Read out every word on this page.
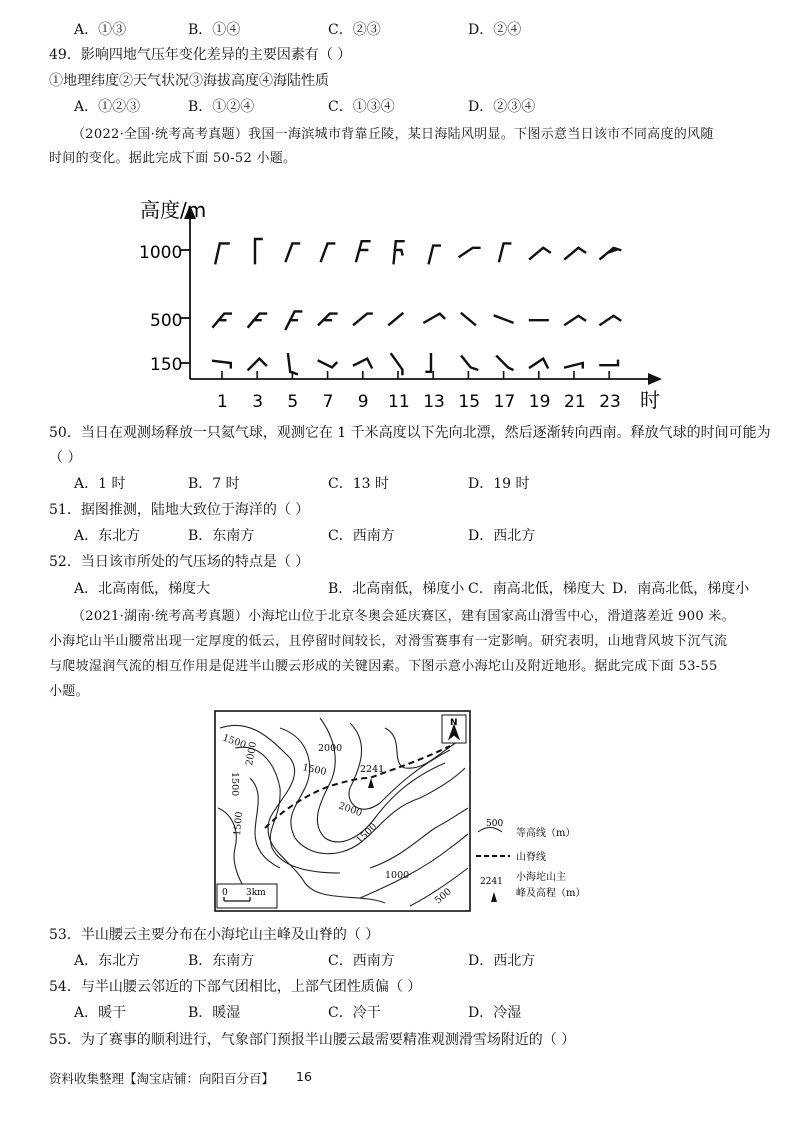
A．①③	B．①④	C．②③	D．②④
49．影响四地气压年变化差异的主要因素有（ ）
①地理纬度②天气状况③海拔高度④海陆性质
A．①②③	B．①②④	C．①③④	D．②③④
（2022·全国·统考高考真题）我国一海滨城市背靠丘陵，某日海陆风明显。下图示意当日该市不同高度的风随
时间的变化。据此完成下面 50-52 小题。
高度/m
时
1000
500
150
1 3 5 7 9 11 13 15 17 19 21 23
50．当日在观测场释放一只氦气球，观测它在 1 千米高度以下先向北漂，然后逐渐转向西南。释放气球的时间可能为
（ ）
A．1 时	B．7 时	C．13 时	D．19 时
51．据图推测，陆地大致位于海洋的（ ）
A．东北方	B．东南方	C．西南方	D．西北方
52．当日该市所处的气压场的特点是（ ）
A．北高南低，梯度大	B．北高南低，梯度小 C．南高北低，梯度大 D．南高北低，梯度小
（2021·湖南·统考高考真题）小海坨山位于北京冬奥会延庆赛区，建有国家高山滑雪中心，滑道落差近 900 米。
小海坨山半山腰常出现一定厚度的低云，且停留时间较长，对滑雪赛事有一定影响。研究表明，山地背风坡下沉气流
与爬坡湿润气流的相互作用是促进半山腰云形成的关键因素。下图示意小海坨山及附近地形。据此完成下面 53-55
小题。
2241
1500	2000
1500
1500
2000
2000
1500
1000
500
1500
N
0 3km
500
等高线（m）
山脊线
2241 小海坨山主
峰及高程（m）
53．半山腰云主要分布在小海坨山主峰及山脊的（ ）
A．东北方	B．东南方	C．西南方	D．西北方
54．与半山腰云邻近的下部气团相比，上部气团性质偏（ ）
A．暖干	B．暖湿	C．冷干	D．冷湿
55．为了赛事的顺利进行，气象部门预报半山腰云最需要精准观测滑雪场附近的（ ）
资料收集整理【淘宝店铺：向阳百分百】 16
